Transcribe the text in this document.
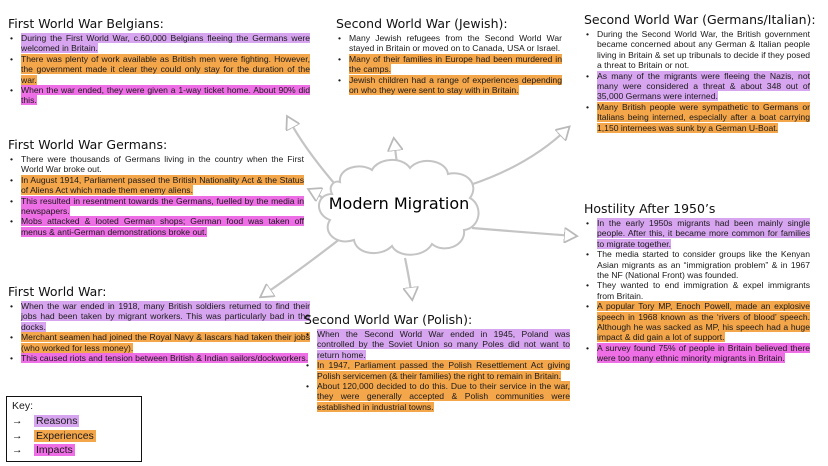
Modern Migration
First World War Belgians:
• During the First World War, c.60,000 Belgians fleeing the Germans were welcomed in Britain.
• There was plenty of work available as British men were fighting. However, the government made it clear they could only stay for the duration of the war.
• When the war ended, they were given a 1-way ticket home. About 90% did this.
First World War Germans:
• There were thousands of Germans living in the country when the First World War broke out.
• In August 1914, Parliament passed the British Nationality Act & the Status of Aliens Act which made them enemy aliens.
• This resulted in resentment towards the Germans, fuelled by the media in newspapers.
• Mobs attacked & looted German shops; German food was taken off menus & anti-German demonstrations broke out.
First World War:
• When the war ended in 1918, many British soldiers returned to find their jobs had been taken by migrant workers. This was particularly bad in the docks.
• Merchant seamen had joined the Royal Navy & lascars had taken their jobs (who worked for less money).
• This caused riots and tension between British & Indian sailors/dockworkers.
Second World War (Jewish):
• Many Jewish refugees from the Second World War stayed in Britain or moved on to Canada, USA or Israel.
• Many of their families in Europe had been murdered in the camps.
• Jewish children had a range of experiences depending on who they were sent to stay with in Britain.
Second World War (Polish):
• When the Second World War ended in 1945, Poland was controlled by the Soviet Union so many Poles did not want to return home.
• In 1947, Parliament passed the Polish Resettlement Act giving Polish servicemen (& their families) the right to remain in Britain.
• About 120,000 decided to do this. Due to their service in the war, they were generally accepted & Polish communities were established in industrial towns.
Second World War (Germans/Italian):
• During the Second World War, the British government became concerned about any German & Italian people living in Britain & set up tribunals to decide if they posed a threat to Britain or not.
• As many of the migrants were fleeing the Nazis, not many were considered a threat & about 348 out of 35,000 Germans were interned.
• Many British people were sympathetic to Germans or Italians being interned, especially after a boat carrying 1,150 internees was sunk by a German U-Boat.
Hostility After 1950’s
• In the early 1950s migrants had been mainly single people. After this, it became more common for families to migrate together.
• The media started to consider groups like the Kenyan Asian migrants as an “immigration problem” & in 1967 the NF (National Front) was founded.
• They wanted to end immigration & expel immigrants from Britain.
• A popular Tory MP, Enoch Powell, made an explosive speech in 1968 known as the ‘rivers of blood’ speech. Although he was sacked as MP, his speech had a huge impact & did gain a lot of support.
• A survey found 75% of people in Britain believed there were too many ethnic minority migrants in Britain.
Key:
→ Reasons
→ Experiences
→ Impacts
